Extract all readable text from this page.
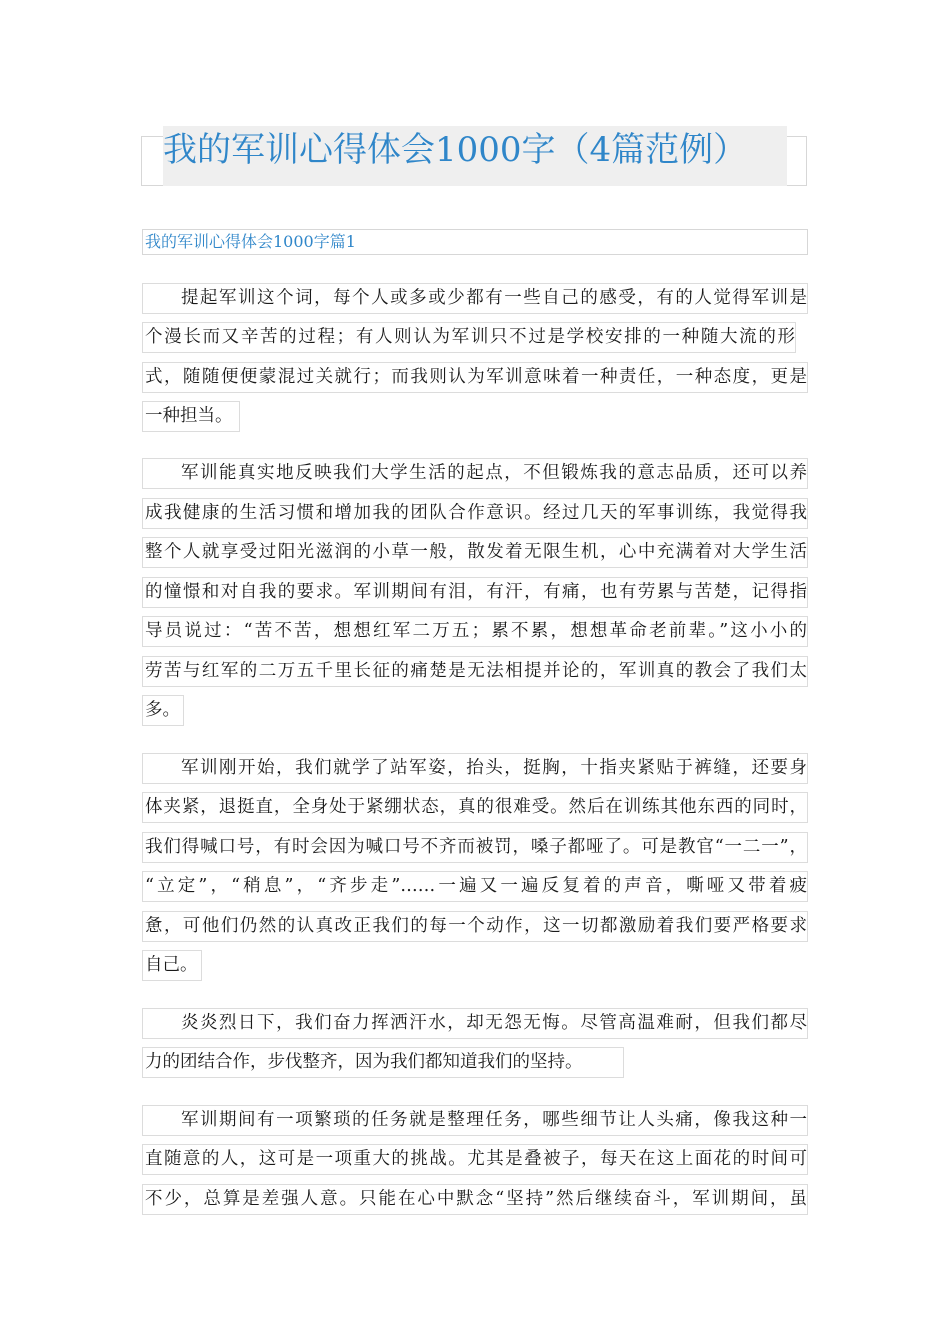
我的军训心得体会1000字（4篇范例）
我的军训心得体会1000字篇1
提起军训这个词，每个人或多或少都有一些自己的感受，有的人觉得军训是
个漫长而又辛苦的过程；有人则认为军训只不过是学校安排的一种随大流的形
式，随随便便蒙混过关就行；而我则认为军训意味着一种责任，一种态度，更是
一种担当。
军训能真实地反映我们大学生活的起点，不但锻炼我的意志品质，还可以养
成我健康的生活习惯和增加我的团队合作意识。经过几天的军事训练，我觉得我
整个人就享受过阳光滋润的小草一般，散发着无限生机，心中充满着对大学生活
的憧憬和对自我的要求。军训期间有泪，有汗，有痛，也有劳累与苦楚，记得指
导员说过：“苦不苦，想想红军二万五；累不累，想想革命老前辈。”这小小的
劳苦与红军的二万五千里长征的痛楚是无法相提并论的，军训真的教会了我们太
多。
军训刚开始，我们就学了站军姿，抬头，挺胸，十指夹紧贴于裤缝，还要身
体夹紧，退挺直，全身处于紧绷状态，真的很难受。然后在训练其他东西的同时，
我们得喊口号，有时会因为喊口号不齐而被罚，嗓子都哑了。可是教官“一二一”，
“立定”，“稍息”，“齐步走”……一遍又一遍反复着的声音，嘶哑又带着疲
惫，可他们仍然的认真改正我们的每一个动作，这一切都激励着我们要严格要求
自己。
炎炎烈日下，我们奋力挥洒汗水，却无怨无悔。尽管高温难耐，但我们都尽
力的团结合作，步伐整齐，因为我们都知道我们的坚持。
军训期间有一项繁琐的任务就是整理任务，哪些细节让人头痛，像我这种一
直随意的人，这可是一项重大的挑战。尤其是叠被子，每天在这上面花的时间可
不少，总算是差强人意。只能在心中默念“坚持”然后继续奋斗，军训期间，虽
